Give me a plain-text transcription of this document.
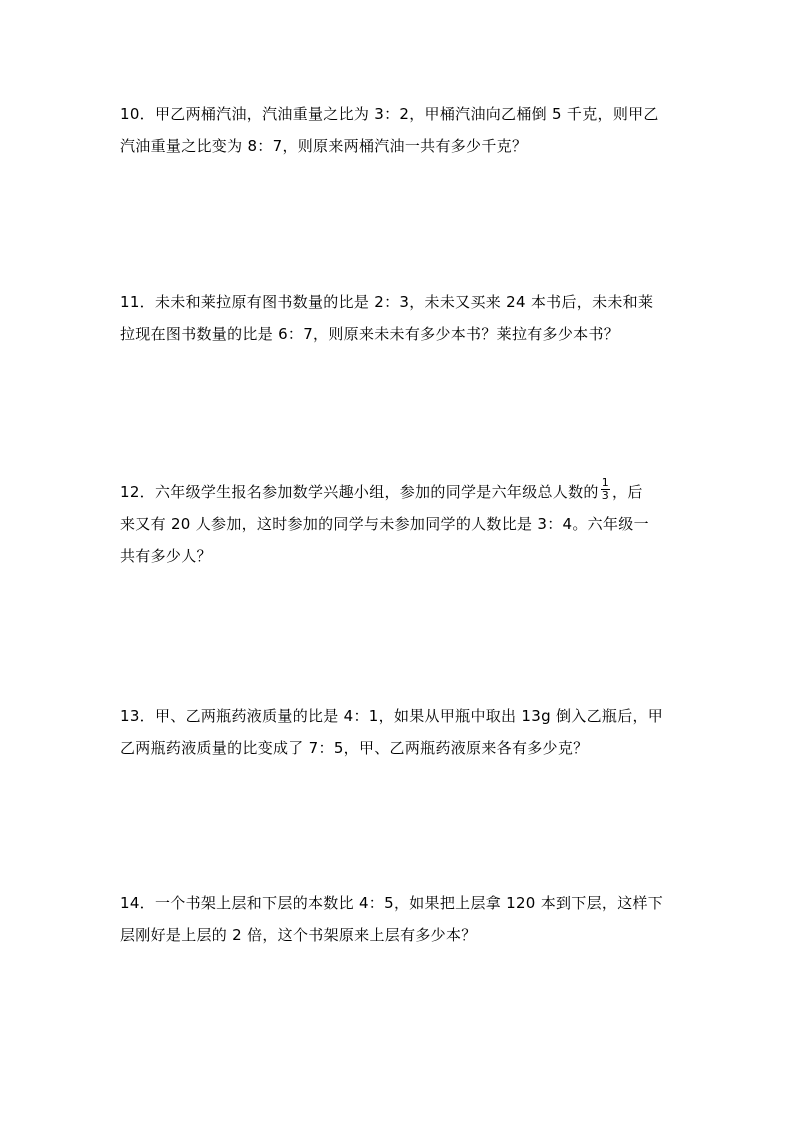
10．甲乙两桶汽油，汽油重量之比为 3：2，甲桶汽油向乙桶倒 5 千克，则甲乙
汽油重量之比变为 8：7，则原来两桶汽油一共有多少千克？
11．未未和莱拉原有图书数量的比是 2：3，未未又买来 24 本书后，未未和莱
拉现在图书数量的比是 6：7，则原来未未有多少本书？莱拉有多少本书？
12．六年级学生报名参加数学兴趣小组，参加的同学是六年级总人数的 $\frac{1}{3}$ ，后
来又有 20 人参加，这时参加的同学与未参加同学的人数比是 3：4。六年级一
共有多少人？
13．甲、乙两瓶药液质量的比是 4：1，如果从甲瓶中取出 13g 倒入乙瓶后，甲
乙两瓶药液质量的比变成了 7：5，甲、乙两瓶药液原来各有多少克？
14．一个书架上层和下层的本数比 4：5，如果把上层拿 120 本到下层，这样下
层刚好是上层的 2 倍，这个书架原来上层有多少本？
